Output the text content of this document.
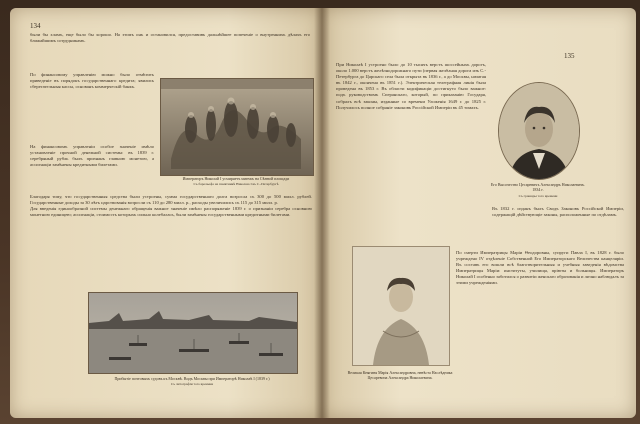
134

были бы хламъ, еще было бы хорошо. На этомъ онъ и остановился, предоставивъ дальнѣйшее попеченіе о внутреннихъ дѣлахъ его ближайшимъ сотрудникамъ.

По финансовому управленію можно было отмѣтить приведеніе въ порядокъ государственнаго кредита; явились сберегательныя кассы, основанъ коммерческій банкъ.

Императоръ Николай I усмиряетъ мятежъ на Сѣнной площади
Съ барельефа на памятникѣ Николаю I въ С.-Петербургѣ

На финансовомъ управленіи особое значеніе имѣло установленіе прочной денежной системы: въ 1839 г. серебряный рубль былъ признанъ главною монетою, а ассигнаціи замѣнены кредитными билетами.

Благодаря тому, что государственныя средства были устроены, сумма государственнаго долга возросла съ 300 до 500 милл. рублей. Государственные доходы за 30 лѣтъ царствованія возросли съ 110 до 280 милл. р., расходы увеличились съ 115 до 315 милл. р.

Для введенія единообразной системы денежнаго обращенія важное значеніе имѣло распоряженіе 1839 г. о признаніи серебра основною монетною единицею; ассигнаціи, стоимость которыхъ сильно колебалась, были замѣнены государственными кредитными билетами.

Прибытіе почтовыхъ судовъ къ Москвѣ. Видъ Москвы при Императорѣ Николаѣ I (1839 г.)
Съ литографіи того времени
135

При Николаѣ I устроено было до 10 тысячъ верстъ шоссейныхъ дорогъ, около 1.000 верстъ желѣзнодорожнаго пути (первая желѣзная дорога изъ С.-Петербурга до Царскаго села была открыта въ 1836 г., а до Москвы, начатая въ 1842 г., окончена въ 1851 г.). Электрическая телеграфная линія была проведена въ 1853 г. Въ области кодификаціи достигнуто было важное: подъ руководствомъ Сперанскаго, который, по приказанію Государя, собралъ всѣ законы, изданные со времени Уложенія 1649 г. до 1825 г. Получилось полное собраніе законовъ Россійской Имперіи въ 45 томахъ.

Его Высочество Цесаревичъ Александръ Николаевичъ. 1834 г.
Съ гравюры того времени

Въ 1832 г. изданъ былъ Сводъ Законовъ Россійской Имперіи, содержащій дѣйствующіе законы, расположенные по отдѣламъ.

Великая Княгиня Марія Александровна, невѣста Наслѣдника Цесаревича Александра Николаевича.

По смерти Императрицы Маріи Ѳеодоровны, супруги Павла I, въ 1828 г. было учреждено IV отдѣленіе Собственной Его Императорскаго Величества канцеляріи. Въ составъ его вошли всѣ благотворительныя и учебныя заведенія вѣдомства Императрицы Маріи: институты, училища, пріюты и больницы. Императоръ Николай I особенно заботился о развитіи женскаго образованія и лично наблюдалъ за этими учрежденіями.
